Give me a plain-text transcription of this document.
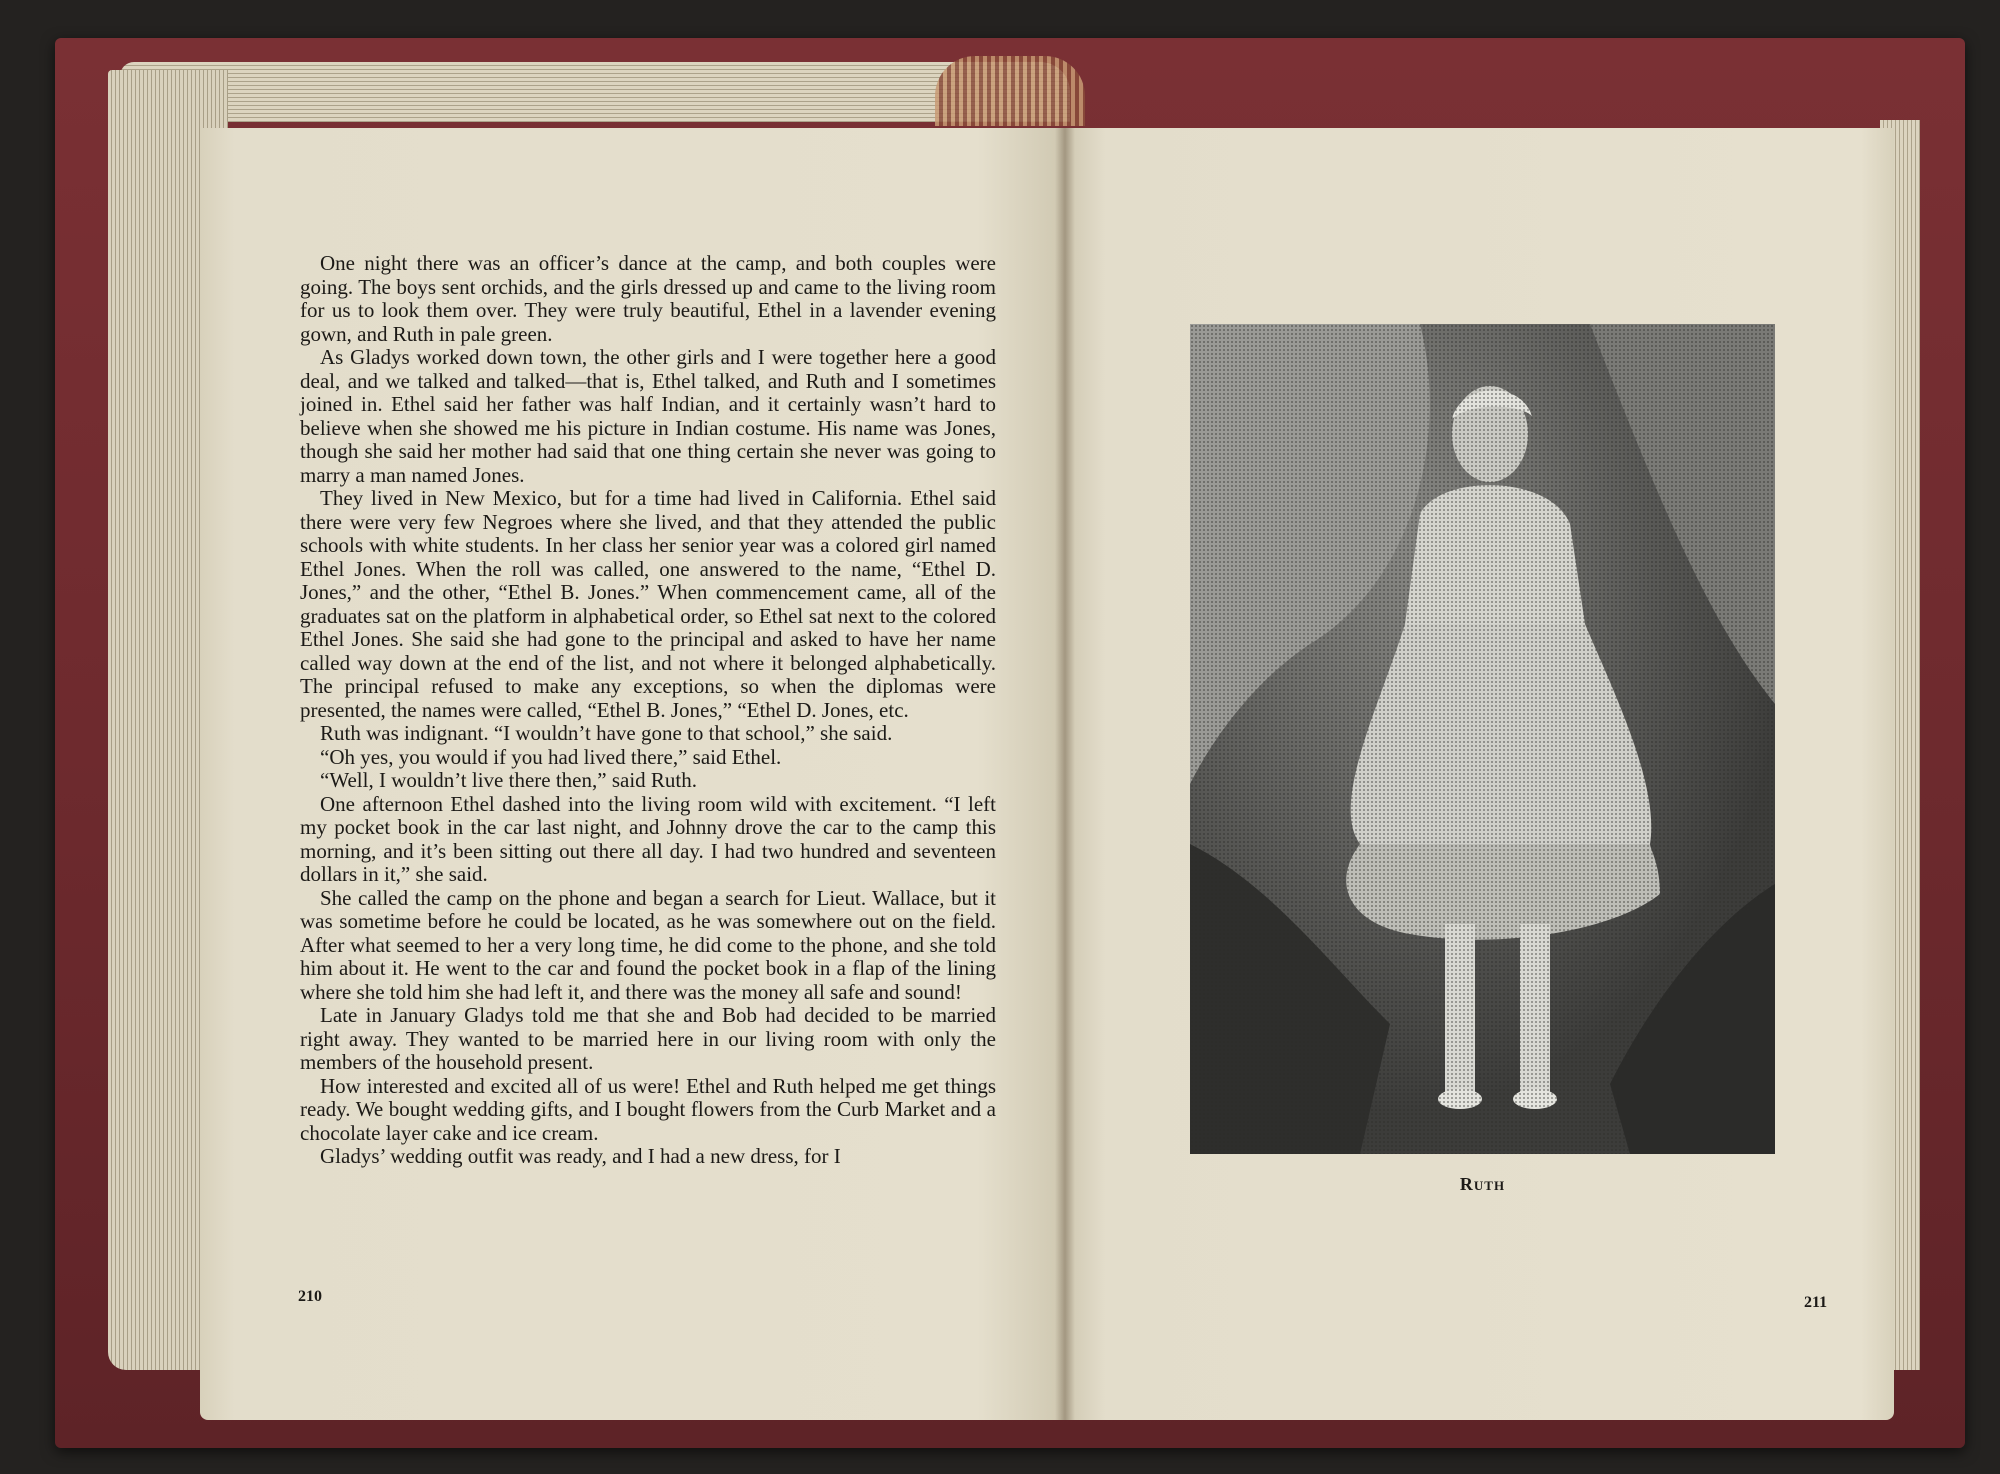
One night there was an officer’s dance at the camp, and both couples were going. The boys sent orchids, and the girls dressed up and came to the living room for us to look them over. They were truly beautiful, Ethel in a lavender evening gown, and Ruth in pale green.

As Gladys worked down town, the other girls and I were together here a good deal, and we talked and talked—that is, Ethel talked, and Ruth and I sometimes joined in. Ethel said her father was half Indian, and it certainly wasn’t hard to believe when she showed me his picture in Indian costume. His name was Jones, though she said her mother had said that one thing certain she never was going to marry a man named Jones.

They lived in New Mexico, but for a time had lived in California. Ethel said there were very few Negroes where she lived, and that they attended the public schools with white students. In her class her senior year was a colored girl named Ethel Jones. When the roll was called, one answered to the name, “Ethel D. Jones,” and the other, “Ethel B. Jones.” When commencement came, all of the graduates sat on the platform in alphabetical order, so Ethel sat next to the colored Ethel Jones. She said she had gone to the principal and asked to have her name called way down at the end of the list, and not where it belonged alphabetically. The principal refused to make any exceptions, so when the diplomas were presented, the names were called, “Ethel B. Jones,” “Ethel D. Jones, etc.

Ruth was indignant. “I wouldn’t have gone to that school,” she said.

“Oh yes, you would if you had lived there,” said Ethel.

“Well, I wouldn’t live there then,” said Ruth.

One afternoon Ethel dashed into the living room wild with excitement. “I left my pocket book in the car last night, and Johnny drove the car to the camp this morning, and it’s been sitting out there all day. I had two hundred and seventeen dollars in it,” she said.

She called the camp on the phone and began a search for Lieut. Wallace, but it was sometime before he could be located, as he was somewhere out on the field. After what seemed to her a very long time, he did come to the phone, and she told him about it. He went to the car and found the pocket book in a flap of the lining where she told him she had left it, and there was the money all safe and sound!

Late in January Gladys told me that she and Bob had decided to be married right away. They wanted to be married here in our living room with only the members of the household present.

How interested and excited all of us were! Ethel and Ruth helped me get things ready. We bought wedding gifts, and I bought flowers from the Curb Market and a chocolate layer cake and ice cream.

Gladys’ wedding outfit was ready, and I had a new dress, for I

210
Ruth
211
